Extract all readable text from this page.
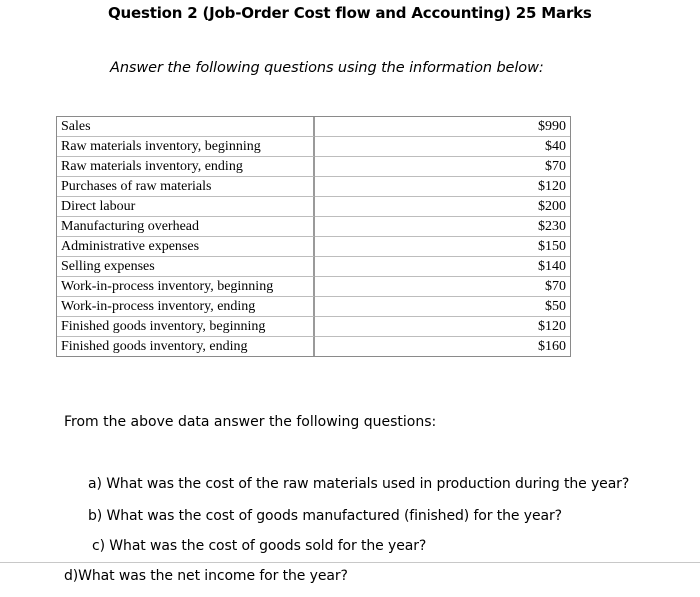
Question 2 (Job-Order Cost flow and Accounting) 25 Marks
Answer the following questions using the information below:
Sales	$990
Raw materials inventory, beginning	$40
Raw materials inventory, ending	$70
Purchases of raw materials	$120
Direct labour	$200
Manufacturing overhead	$230
Administrative expenses	$150
Selling expenses	$140
Work-in-process inventory, beginning	$70
Work-in-process inventory, ending	$50
Finished goods inventory, beginning	$120
Finished goods inventory, ending	$160
From the above data answer the following questions:
a) What was the cost of the raw materials used in production during the year?
b) What was the cost of goods manufactured (finished) for the year?
c) What was the cost of goods sold for the year?
d)What was the net income for the year?
